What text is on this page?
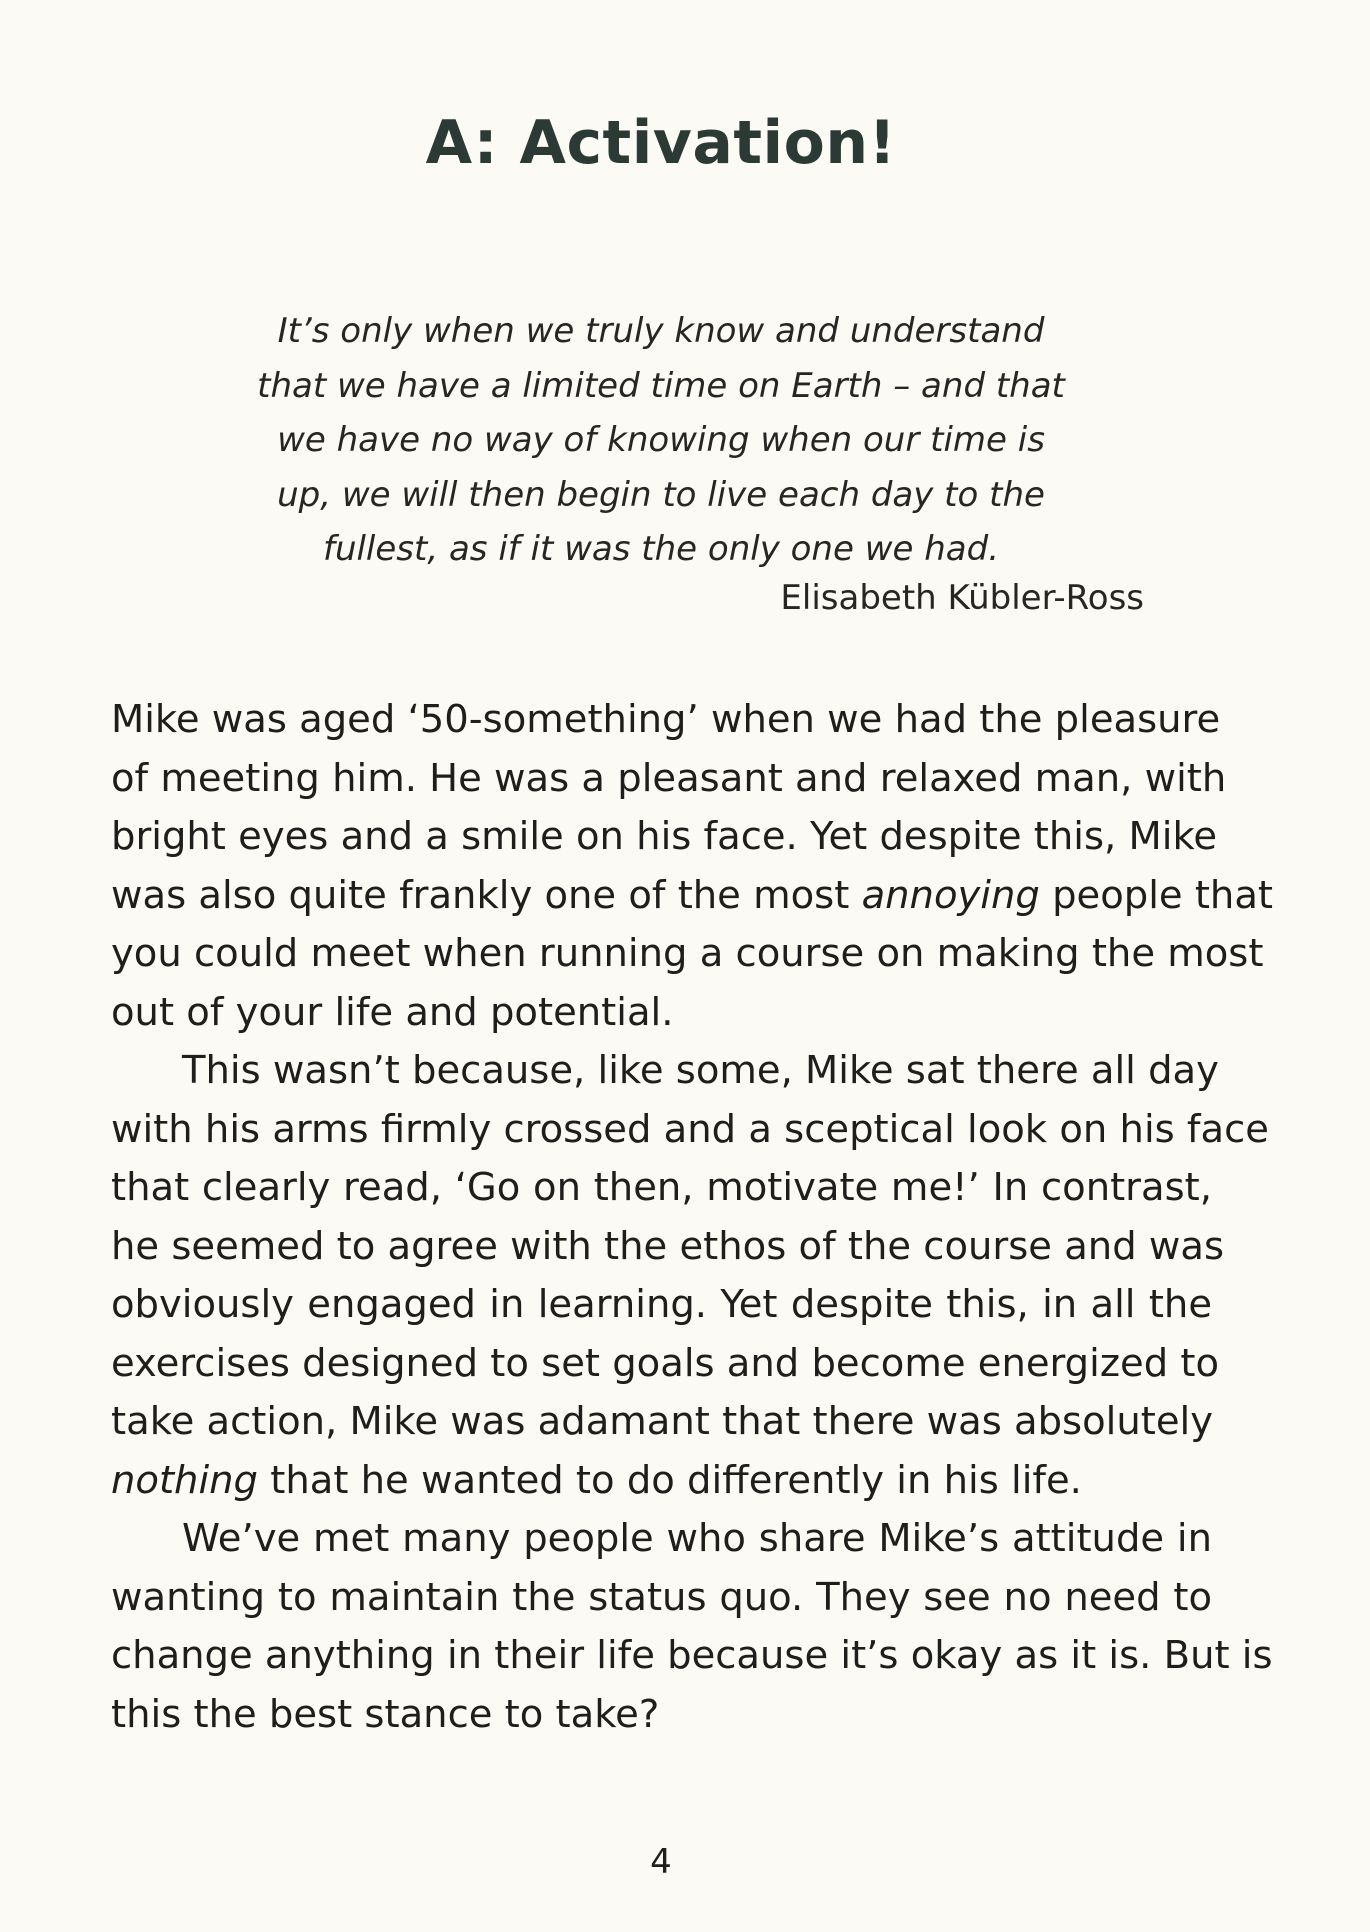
A: Activation!
It’s only when we truly know and understand
that we have a limited time on Earth – and that
we have no way of knowing when our time is
up, we will then begin to live each day to the
fullest, as if it was the only one we had.
Elisabeth Kübler-Ross
Mike was aged ‘50-something’ when we had the pleasure
of meeting him. He was a pleasant and relaxed man, with
bright eyes and a smile on his face. Yet despite this, Mike
was also quite frankly one of the most annoying people that
you could meet when running a course on making the most
out of your life and potential.
This wasn’t because, like some, Mike sat there all day
with his arms firmly crossed and a sceptical look on his face
that clearly read, ‘Go on then, motivate me!’ In contrast,
he seemed to agree with the ethos of the course and was
obviously engaged in learning. Yet despite this, in all the
exercises designed to set goals and become energized to
take action, Mike was adamant that there was absolutely
nothing that he wanted to do differently in his life.
We’ve met many people who share Mike’s attitude in
wanting to maintain the status quo. They see no need to
change anything in their life because it’s okay as it is. But is
this the best stance to take?
4
